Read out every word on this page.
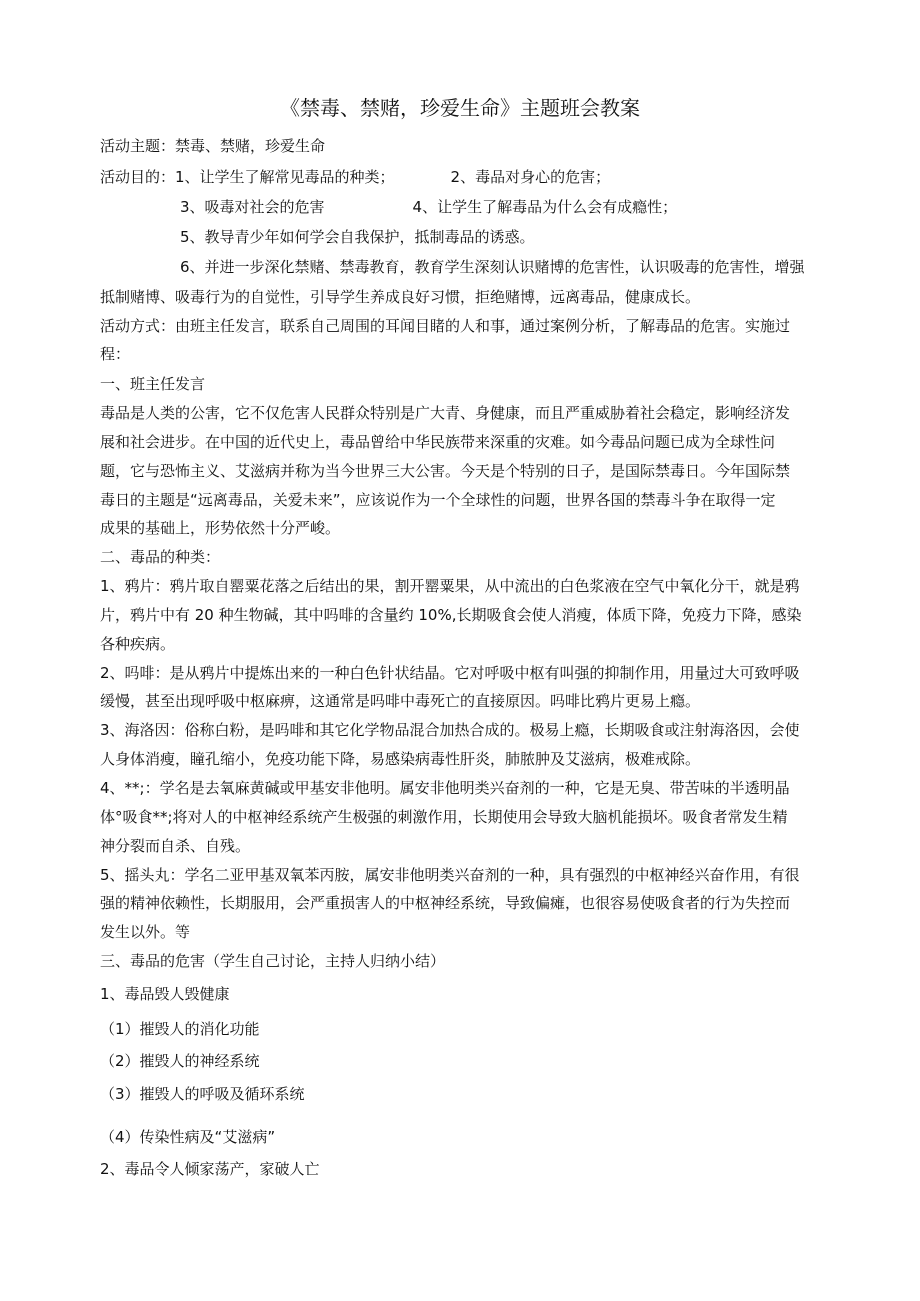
《禁毒、禁赌，珍爱生命》主题班会教案
活动主题：禁毒、禁赌，珍爱生命
活动目的：1、让学生了解常见毒品的种类；	2、毒品对身心的危害；
3、吸毒对社会的危害	4、让学生了解毒品为什么会有成瘾性；
5、教导青少年如何学会自我保护，抵制毒品的诱惑。
6、并进一步深化禁赌、禁毒教育，教育学生深刻认识赌博的危害性，认识吸毒的危害性，增强
抵制赌博、吸毒行为的自觉性，引导学生养成良好习惯，拒绝赌博，远离毒品，健康成长。
活动方式：由班主任发言，联系自己周围的耳闻目睹的人和事，通过案例分析，了解毒品的危害。实施过
程：
一、班主任发言
毒品是人类的公害，它不仅危害人民群众特别是广大青、身健康，而且严重威胁着社会稳定，影响经济发
展和社会进步。在中国的近代史上，毒品曾给中华民族带来深重的灾难。如今毒品问题已成为全球性问
题，它与恐怖主义、艾滋病并称为当今世界三大公害。今天是个特别的日子，是国际禁毒日。今年国际禁
毒日的主题是“远离毒品，关爱未来”，应该说作为一个全球性的问题，世界各国的禁毒斗争在取得一定
成果的基础上，形势依然十分严峻。
二、毒品的种类：
1、鸦片：鸦片取自罂粟花落之后结出的果，割开罂粟果，从中流出的白色浆液在空气中氧化分干，就是鸦
片，鸦片中有 20 种生物碱，其中吗啡的含量约 10%,长期吸食会使人消瘦，体质下降，免疫力下降，感染
各种疾病。
2、吗啡：是从鸦片中提炼出来的一种白色针状结晶。它对呼吸中枢有叫强的抑制作用，用量过大可致呼吸
缓慢，甚至出现呼吸中枢麻痹，这通常是吗啡中毒死亡的直接原因。吗啡比鸦片更易上瘾。
3、海洛因：俗称白粉，是吗啡和其它化学物品混合加热合成的。极易上瘾，长期吸食或注射海洛因，会使
人身体消瘦，瞳孔缩小，免疫功能下降，易感染病毒性肝炎，肺脓肿及艾滋病，极难戒除。
4、**;：学名是去氧麻黄碱或甲基安非他明。属安非他明类兴奋剂的一种，它是无臭、带苦味的半透明晶
体°吸食**;将对人的中枢神经系统产生极强的刺激作用，长期使用会导致大脑机能损坏。吸食者常发生精
神分裂而自杀、自残。
5、摇头丸：学名二亚甲基双氧苯丙胺，属安非他明类兴奋剂的一种，具有强烈的中枢神经兴奋作用，有很
强的精神依赖性，长期服用，会严重损害人的中枢神经系统，导致偏瘫，也很容易使吸食者的行为失控而
发生以外。等
三、毒品的危害（学生自己讨论，主持人归纳小结）
1、毒品毁人毁健康
（1）摧毁人的消化功能
（2）摧毁人的神经系统
（3）摧毁人的呼吸及循环系统
（4）传染性病及“艾滋病”
2、毒品令人倾家荡产，家破人亡
